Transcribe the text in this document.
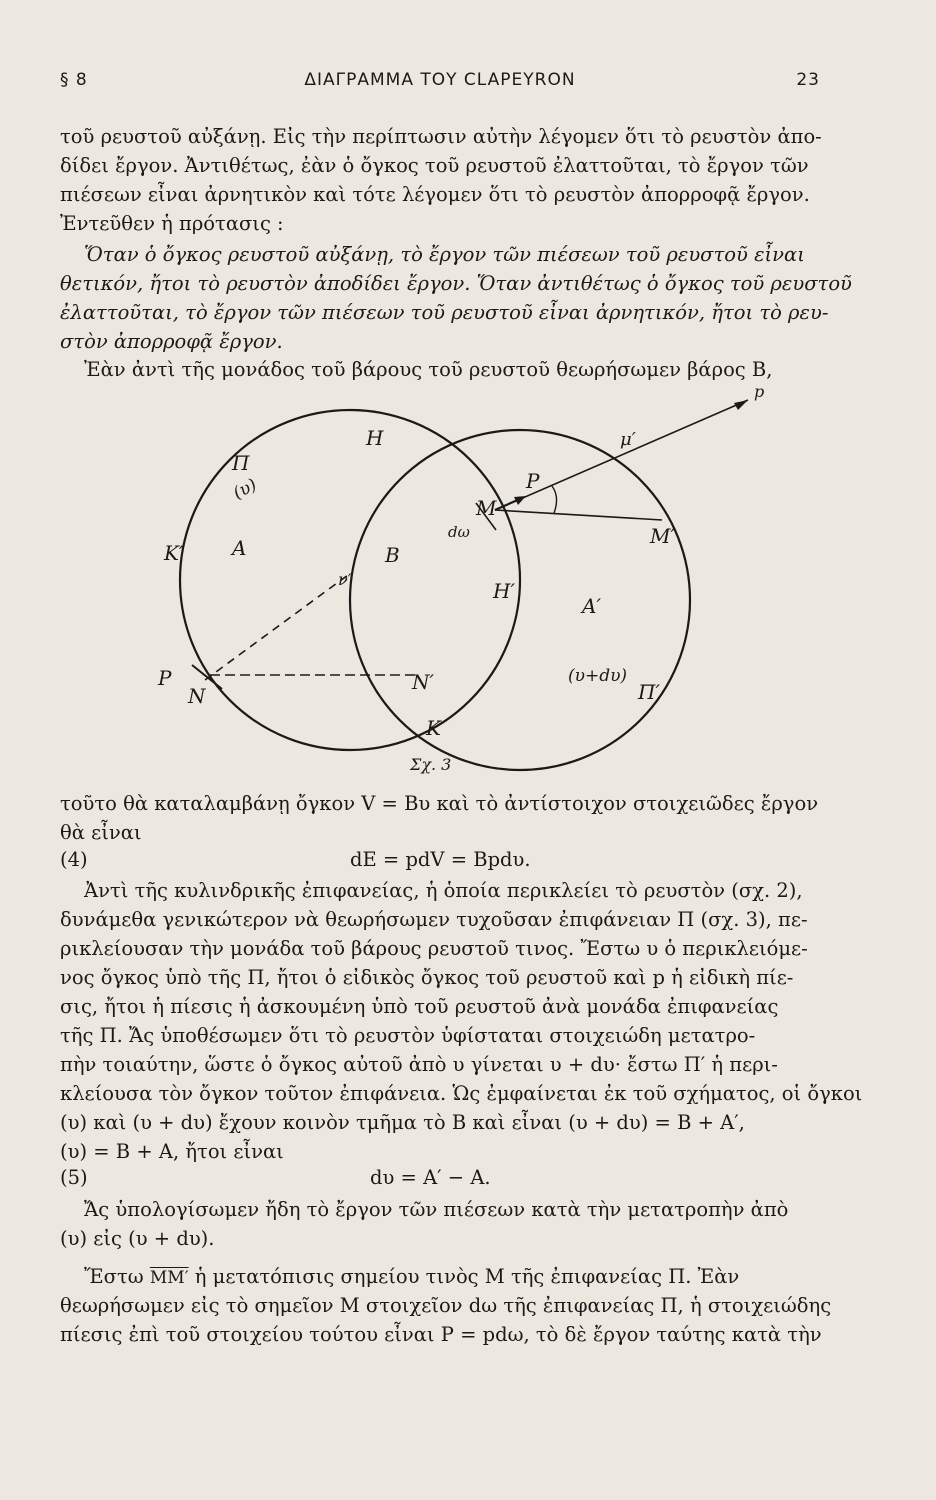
§ 8	ΔΙΑΓΡΑΜΜΑ ΤΟΥ CLAPEYRON	23
τοῦ ρευστοῦ αὐξάνῃ. Εἰς τὴν περίπτωσιν αὐτὴν λέγομεν ὅτι τὸ ρευστὸν ἀπο-
δίδει ἔργον. Ἀντιθέτως, ἐὰν ὁ ὄγκος τοῦ ρευστοῦ ἐλαττοῦται, τὸ ἔργον τῶν
πιέσεων εἶναι ἀρνητικὸν καὶ τότε λέγομεν ὅτι τὸ ρευστὸν ἀπορροφᾷ ἔργον.
Ἐντεῦθεν ἡ πρότασις :
Ὅταν ὁ ὄγκος ρευστοῦ αὐξάνῃ, τὸ ἔργον τῶν πιέσεων τοῦ ρευστοῦ εἶναι
θετικόν, ἤτοι τὸ ρευστὸν ἀποδίδει ἔργον. Ὅταν ἀντιθέτως ὁ ὄγκος τοῦ ρευστοῦ
ἐλαττοῦται, τὸ ἔργον τῶν πιέσεων τοῦ ρευστοῦ εἶναι ἀρνητικόν, ἤτοι τὸ ρευ-
στὸν ἀπορροφᾷ ἔργον.
Ἐὰν ἀντὶ τῆς μονάδος τοῦ βάρους τοῦ ρευστοῦ θεωρήσωμεν βάρος B,
H
Π
(υ)
K′ A	B
dω
M
P
p
μ′
M′
ν′	H′
A′
P
N
N′
K
(υ+dυ)
Π′
Σχ. 3
τοῦτο θὰ καταλαμβάνῃ ὄγκον V = Bυ καὶ τὸ ἀντίστοιχον στοιχειῶδες ἔργον
θὰ εἶναι
(4)	dE = pdV = Bpdυ.
Ἀντὶ τῆς κυλινδρικῆς ἐπιφανείας, ἡ ὁποία περικλείει τὸ ρευστὸν (σχ. 2),
δυνάμεθα γενικώτερον νὰ θεωρήσωμεν τυχοῦσαν ἐπιφάνειαν Π (σχ. 3), πε-
ρικλείουσαν τὴν μονάδα τοῦ βάρους ρευστοῦ τινος. Ἔστω υ ὁ περικλειόμε-
νος ὄγκος ὑπὸ τῆς Π, ἤτοι ὁ εἰδικὸς ὄγκος τοῦ ρευστοῦ καὶ p ἡ εἰδικὴ πίε-
σις, ἤτοι ἡ πίεσις ἡ ἀσκουμένη ὑπὸ τοῦ ρευστοῦ ἀνὰ μονάδα ἐπιφανείας
τῆς Π. Ἄς ὑποθέσωμεν ὅτι τὸ ρευστὸν ὑφίσταται στοιχειώδη μετατρο-
πὴν τοιαύτην, ὥστε ὁ ὄγκος αὐτοῦ ἀπὸ υ γίνεται υ + dυ· ἔστω Π′ ἡ περι-
κλείουσα τὸν ὄγκον τοῦτον ἐπιφάνεια. Ὡς ἐμφαίνεται ἐκ τοῦ σχήματος, οἱ ὄγκοι
(υ) καὶ (υ + dυ) ἔχουν κοινὸν τμῆμα τὸ B καὶ εἶναι (υ + dυ) = B + A′,
(υ) = B + A, ἤτοι εἶναι
(5)	dυ = A′ − A.
Ἄς ὑπολογίσωμεν ἤδη τὸ ἔργον τῶν πιέσεων κατὰ τὴν μετατροπὴν ἀπὸ
(υ) εἰς (υ + dυ).
Ἔστω MM′ ἡ μετατόπισις σημείου τινὸς M τῆς ἐπιφανείας Π. Ἐὰν
θεωρήσωμεν εἰς τὸ σημεῖον M στοιχεῖον dω τῆς ἐπιφανείας Π, ἡ στοιχειώδης
πίεσις ἐπὶ τοῦ στοιχείου τούτου εἶναι P = pdω, τὸ δὲ ἔργον ταύτης κατὰ τὴν
